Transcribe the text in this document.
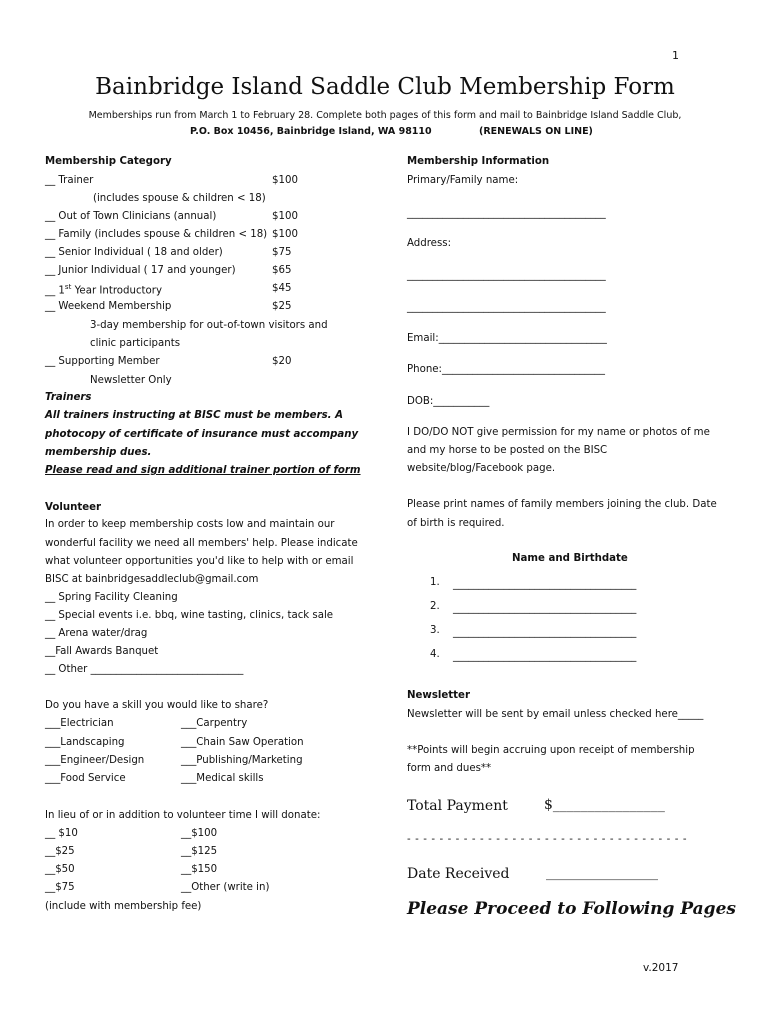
1
Bainbridge Island Saddle Club Membership Form
Memberships run from March 1 to February 28. Complete both pages of this form and mail to Bainbridge Island Saddle Club,
P.O. Box 10456, Bainbridge Island, WA 98110	(RENEWALS ON LINE)
Membership Category
__ Trainer	$100
(includes spouse & children < 18)
__ Out of Town Clinicians (annual)	$100
__ Family (includes spouse & children < 18) $100
__ Senior Individual ( 18 and older)	$75
__ Junior Individual ( 17 and younger)	$65
__ 1st Year Introductory	$45
__ Weekend Membership	$25
3-day membership for out-of-town visitors and
clinic participants
__ Supporting Member	$20
Newsletter Only
Trainers
All trainers instructing at BISC must be members. A
photocopy of certificate of insurance must accompany
membership dues.
Please read and sign additional trainer portion of form
Volunteer
In order to keep membership costs low and maintain our
wonderful facility we need all members' help. Please indicate
what volunteer opportunities you'd like to help with or email
BISC at bainbridgesaddleclub@gmail.com
__ Spring Facility Cleaning
__ Special events i.e. bbq, wine tasting, clinics, tack sale
__ Arena water/drag
__Fall Awards Banquet
__ Other ______________________________
Do you have a skill you would like to share?
___Electrician	___Carpentry
___Landscaping	___Chain Saw Operation
___Engineer/Design	___Publishing/Marketing
___Food Service	___Medical skills
In lieu of or in addition to volunteer time I will donate:
__ $10	__$100
__$25	__$125
__$50	__$150
__$75	__Other (write in)
(include with membership fee)
Membership Information
Primary/Family name:
_______________________________________
Address:
_______________________________________
_______________________________________
Email:_________________________________
Phone:________________________________
DOB:___________
I DO/DO NOT give permission for my name or photos of me
and my horse to be posted on the BISC
website/blog/Facebook page.
Please print names of family members joining the club. Date
of birth is required.
Name and Birthdate
1. ____________________________________
2. ____________________________________
3. ____________________________________
4. ____________________________________
Newsletter
Newsletter will be sent by email unless checked here_____
**Points will begin accruing upon receipt of membership
form and dues**
Total Payment	$________________
- - - - - - - - - - - - - - - - - - - - - - - - - - - - - - - - - - -
Date Received	________________
Please Proceed to Following Pages
v.2017
